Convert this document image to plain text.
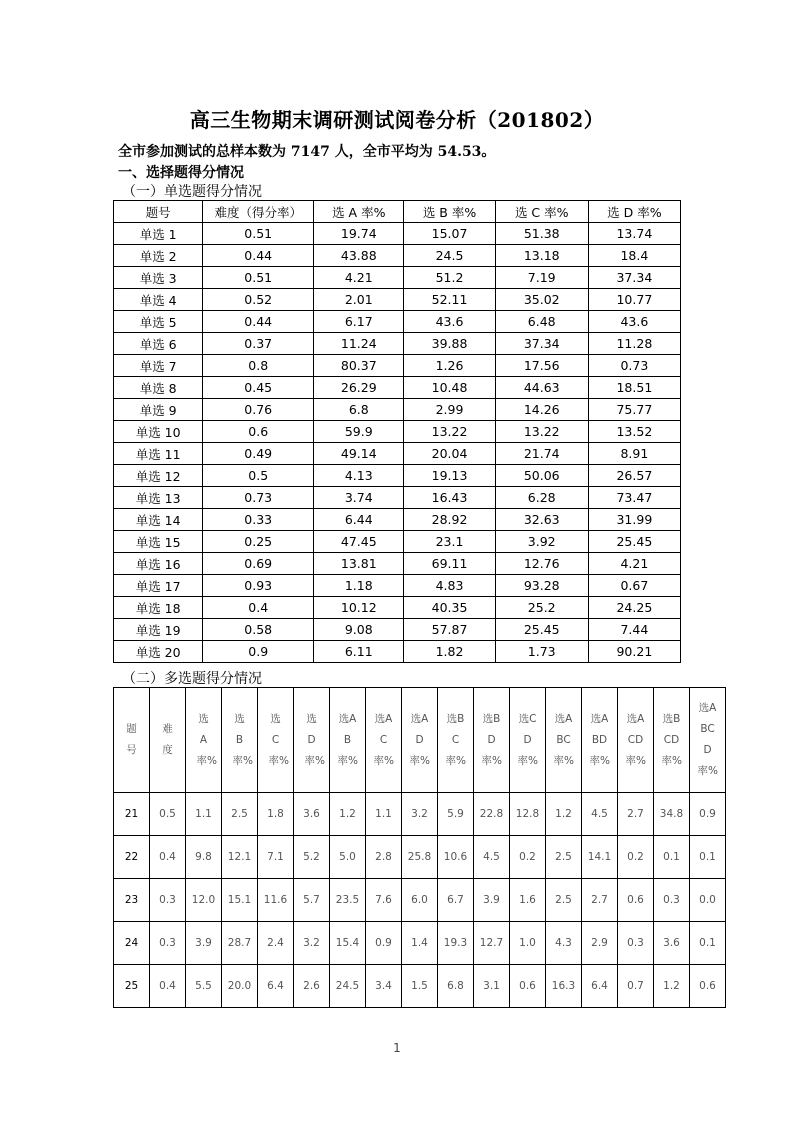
高三生物期末调研测试阅卷分析（201802）
全市参加测试的总样本数为 7147 人，全市平均为 54.53。
一、选择题得分情况
（一）单选题得分情况
题号	难度（得分率）	选 A 率%	选 B 率%	选 C 率%	选 D 率%
单选 1	0.51	19.74	15.07	51.38	13.74
单选 2	0.44	43.88	24.5	13.18	18.4
单选 3	0.51	4.21	51.2	7.19	37.34
单选 4	0.52	2.01	52.11	35.02	10.77
单选 5	0.44	6.17	43.6	6.48	43.6
单选 6	0.37	11.24	39.88	37.34	11.28
单选 7	0.8	80.37	1.26	17.56	0.73
单选 8	0.45	26.29	10.48	44.63	18.51
单选 9	0.76	6.8	2.99	14.26	75.77
单选 10	0.6	59.9	13.22	13.22	13.52
单选 11	0.49	49.14	20.04	21.74	8.91
单选 12	0.5	4.13	19.13	50.06	26.57
单选 13	0.73	3.74	16.43	6.28	73.47
单选 14	0.33	6.44	28.92	32.63	31.99
单选 15	0.25	47.45	23.1	3.92	25.45
单选 16	0.69	13.81	69.11	12.76	4.21
单选 17	0.93	1.18	4.83	93.28	0.67
单选 18	0.4	10.12	40.35	25.2	24.25
单选 19	0.58	9.08	57.87	25.45	7.44
单选 20	0.9	6.11	1.82	1.73	90.21
（二）多选题得分情况
题号	难度	选A率%	选B率%	选C率%	选D率%	选AB率%	选AC率%	选AD率%	选BC率%	选BD率%	选CD率%	选ABC率%	选ABD率%	选ACD率%	选BCD率%	选ABCD率%
21	0.5	1.1	2.5	1.8	3.6	1.2	1.1	3.2	5.9	22.8	12.8	1.2	4.5	2.7	34.8	0.9
22	0.4	9.8	12.1	7.1	5.2	5.0	2.8	25.8	10.6	4.5	0.2	2.5	14.1	0.2	0.1	0.1
23	0.3	12.0	15.1	11.6	5.7	23.5	7.6	6.0	6.7	3.9	1.6	2.5	2.7	0.6	0.3	0.0
24	0.3	3.9	28.7	2.4	3.2	15.4	0.9	1.4	19.3	12.7	1.0	4.3	2.9	0.3	3.6	0.1
25	0.4	5.5	20.0	6.4	2.6	24.5	3.4	1.5	6.8	3.1	0.6	16.3	6.4	0.7	1.2	0.6
1
